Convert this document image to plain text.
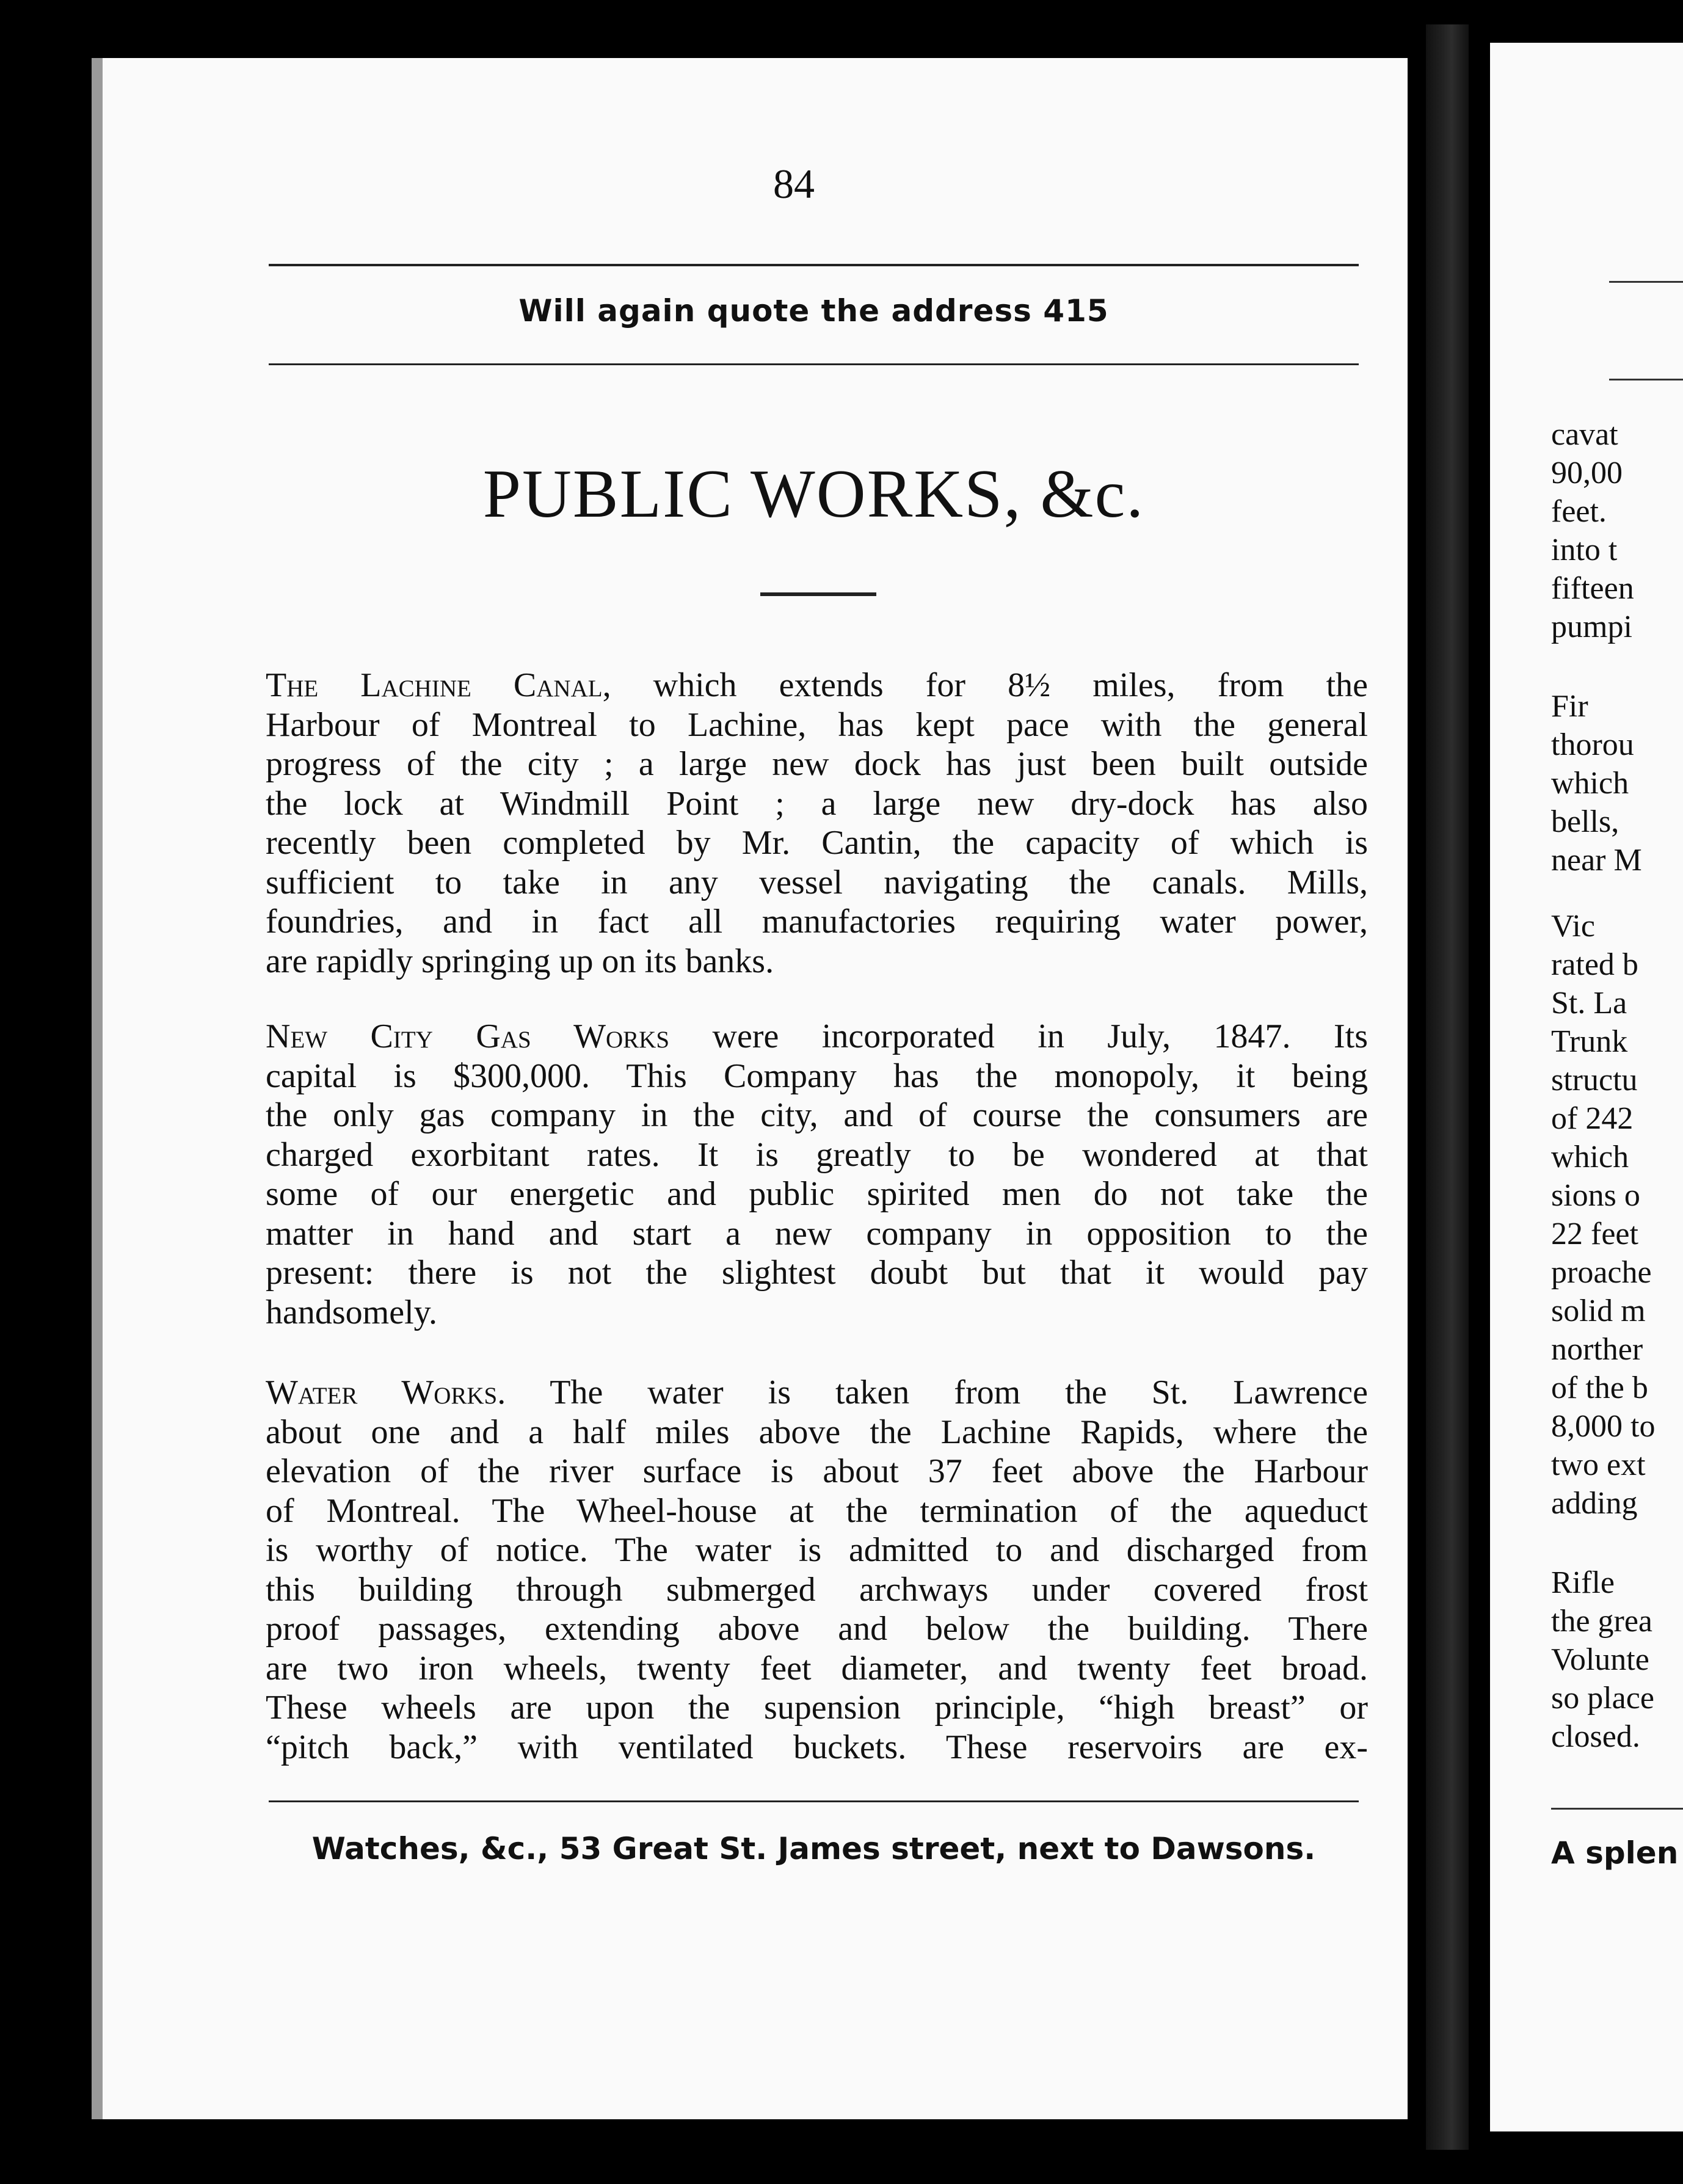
84
Will again quote the address 415
PUBLIC WORKS, &c.
The Lachine Canal, which extends for 8½ miles, from the
Harbour of Montreal to Lachine, has kept pace with the general
progress of the city ; a large new dock has just been built outside
the lock at Windmill Point ; a large new dry-dock has also
recently been completed by Mr. Cantin, the capacity of which is
sufficient to take in any vessel navigating the canals. Mills,
foundries, and in fact all manufactories requiring water power,
are rapidly springing up on its banks.
New City Gas Works were incorporated in July, 1847. Its
capital is $300,000. This Company has the monopoly, it being
the only gas company in the city, and of course the consumers are
charged exorbitant rates. It is greatly to be wondered at that
some of our energetic and public spirited men do not take the
matter in hand and start a new company in opposition to the
present: there is not the slightest doubt but that it would pay
handsomely.
Water Works. The water is taken from the St. Lawrence
about one and a half miles above the Lachine Rapids, where the
elevation of the river surface is about 37 feet above the Harbour
of Montreal. The Wheel-house at the termination of the aqueduct
is worthy of notice. The water is admitted to and discharged from
this building through submerged archways under covered frost
proof passages, extending above and below the building. There
are two iron wheels, twenty feet diameter, and twenty feet broad.
These wheels are upon the supension principle, “high breast” or
“pitch back,” with ventilated buckets. These reservoirs are ex-
Watches, &c., 53 Great St. James street, next to Dawsons.
cavat
90,00
feet.
into t
fifteen
pumpi
Fir
thorou
which
bells,
near M
Vic
rated b
St. La
Trunk
structu
of 242
which
sions o
22 feet
proache
solid m
norther
of the b
8,000 to
two ext
adding
Rifle
the grea
Volunte
so place
closed.
A splen
